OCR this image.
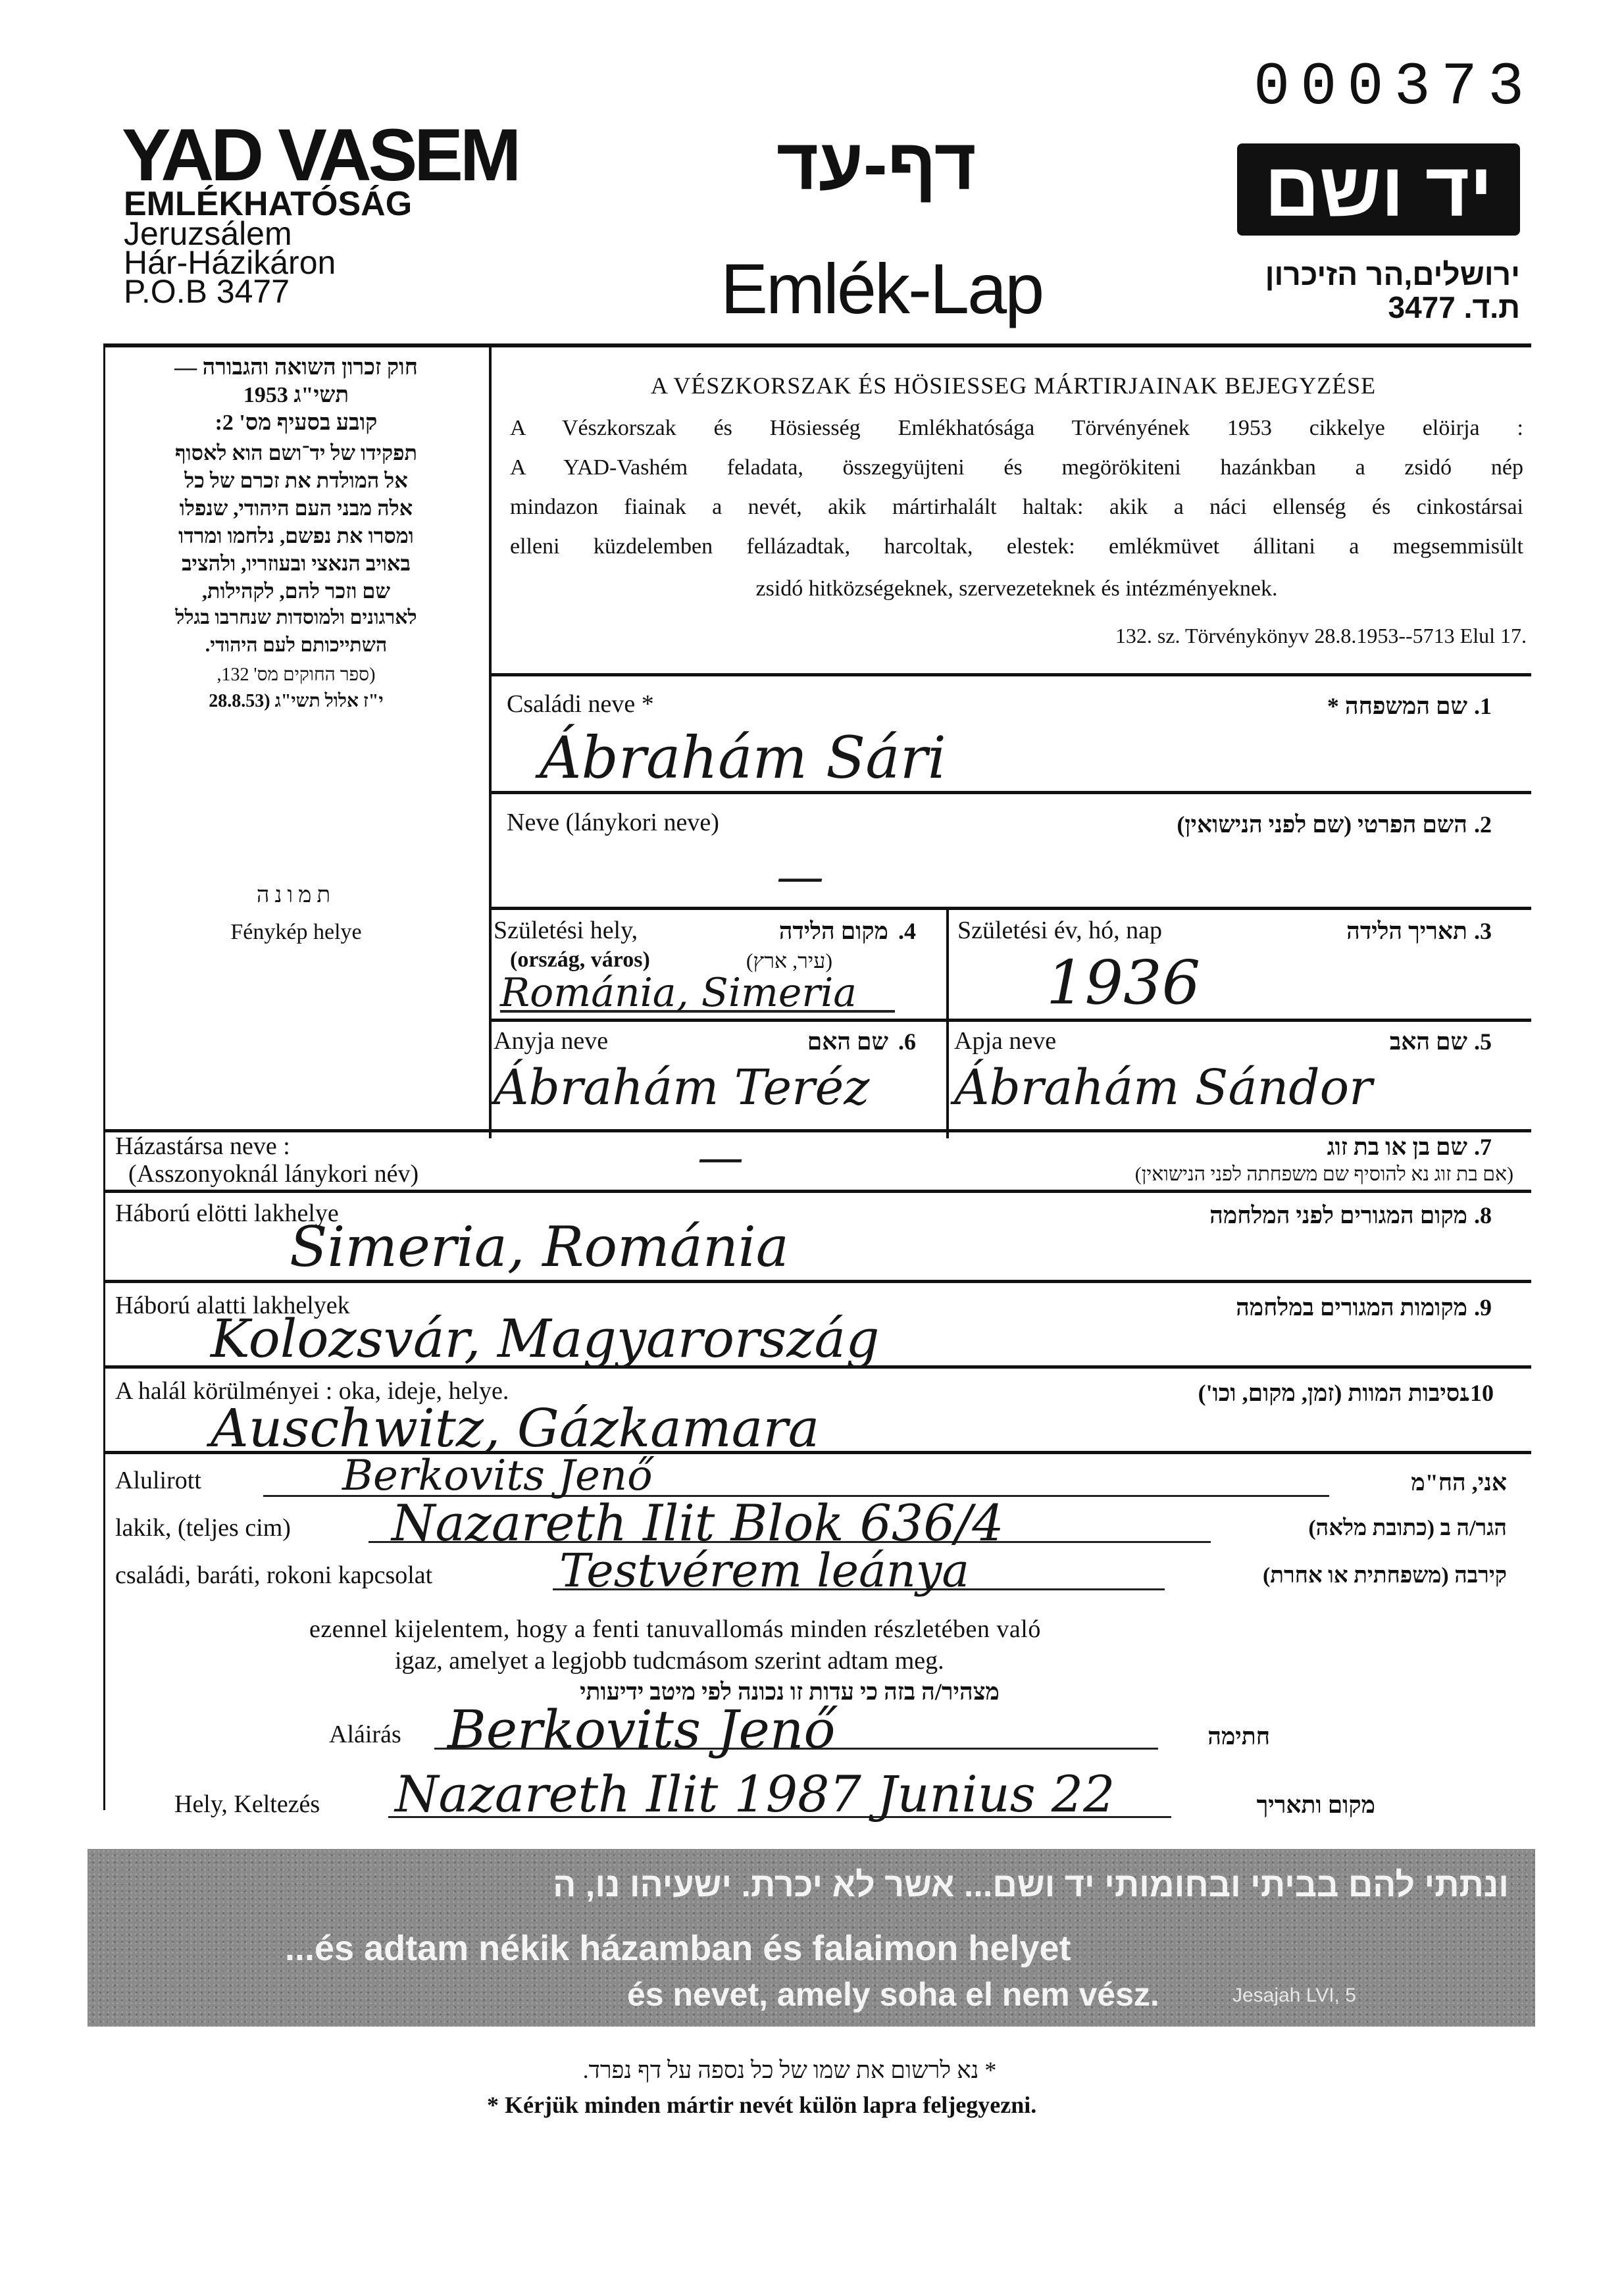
000373
YAD VASEM
EMLÉKHATÓSÁG
Jeruzsálem
Hár-Házikáron
P.O.B 3477
דף-עד
Emlék-Lap
יד ושם
ירושלים,הר הזיכרון
ת.ד. 3477
חוק זכרון השואה והגבורה —
תשי"ג 1953
קובע בסעיף מס' 2:
תפקידו של יד־ושם הוא לאסוף
אל המולדת את זכרם של כל
אלה מבני העם היהודי, שנפלו
ומסרו את נפשם, נלחמו ומרדו
באויב הנאצי ובעוזריו, ולהציב
שם וזכר להם, לקהילות,
לארגונים ולמוסדות שנחרבו בגלל
השתייכותם לעם היהודי.
(ספר החוקים מס' 132,
י"ז אלול תשי"ג (28.8.53
תמונה
Fénykép helye
A VÉSZKORSZAK ÉS HÖSIESSEG MÁRTIRJAINAK BEJEGYZÉSE
A Vészkorszak és Hösiesség Emlékhatósága Törvényének 1953 cikkelye elöirja :
A YAD-Vashém feladata, összegyüjteni és megörökiteni hazánkban a zsidó nép
mindazon fiainak a nevét, akik mártirhalált haltak: akik a náci ellenség és cinkostársai
elleni küzdelemben fellázadtak, harcoltak, elestek: emlékmüvet állitani a megsemmisült
zsidó hitközségeknek, szervezeteknek és intézményeknek.
132. sz. Törvénykönyv 28.8.1953--5713 Elul 17.
Családi neve *	שם המשפחה * .1
Ábrahám Sári
Neve (lánykori neve)	השם הפרטי (שם לפני הנישואין) .2
—
Születési hely,	מקום הלידה .4
(ország, város)	(עיר, ארץ)
Románia, Simeria
Születési év, hó, nap	תאריך הלידה .3
1936
Anyja neve	שם האם .6
Ábrahám Teréz
Apja neve	שם האב .5
Ábrahám Sándor
Házastársa neve :
(Asszonyoknál lánykori név)
שם בן או בת זוג .7
(אם בת זוג נא להוסיף שם משפחתה לפני הנישואין)
—
Háború elötti lakhelye	מקום המגורים לפני המלחמה .8
Simeria, Románia
Háború alatti lakhelyek	מקומות המגורים במלחמה .9
Kolozsvár, Magyarország
A halál körülményei : oka, ideje, helye.	נסיבות המוות (זמן, מקום, וכו')
.10
Auschwitz, Gázkamara
Alulirott	Berkovits Jenő	אני, הח"מ
lakik, (teljes cim) Nazareth Ilit Blok 636/4	הגר/ה ב (כתובת מלאה)
családi, baráti, rokoni kapcsolat	Testvérem leánya	קירבה (משפחתית או אחרת)
ezennel kijelentem, hogy a fenti tanuvallomás minden részletében való
igaz, amelyet a legjobb tudcmásom szerint adtam meg.
מצהיר/ה בזה כי עדות זו נכונה לפי מיטב ידיעותי
Aláirás Berkovits Jenő	חתימה
Hely, Keltezés Nazareth Ilit 1987 Junius 22	מקום ותאריך
ונתתי להם בביתי ובחומותי יד ושם... אשר לא יכרת. ישעיהו נו, ה
...és adtam nékik házamban és falaimon helyet
és nevet, amely soha el nem vész.	Jesajah LVI, 5
* נא לרשום את שמו של כל נספה על דף נפרד.
* Kérjük minden mártir nevét külön lapra feljegyezni.
